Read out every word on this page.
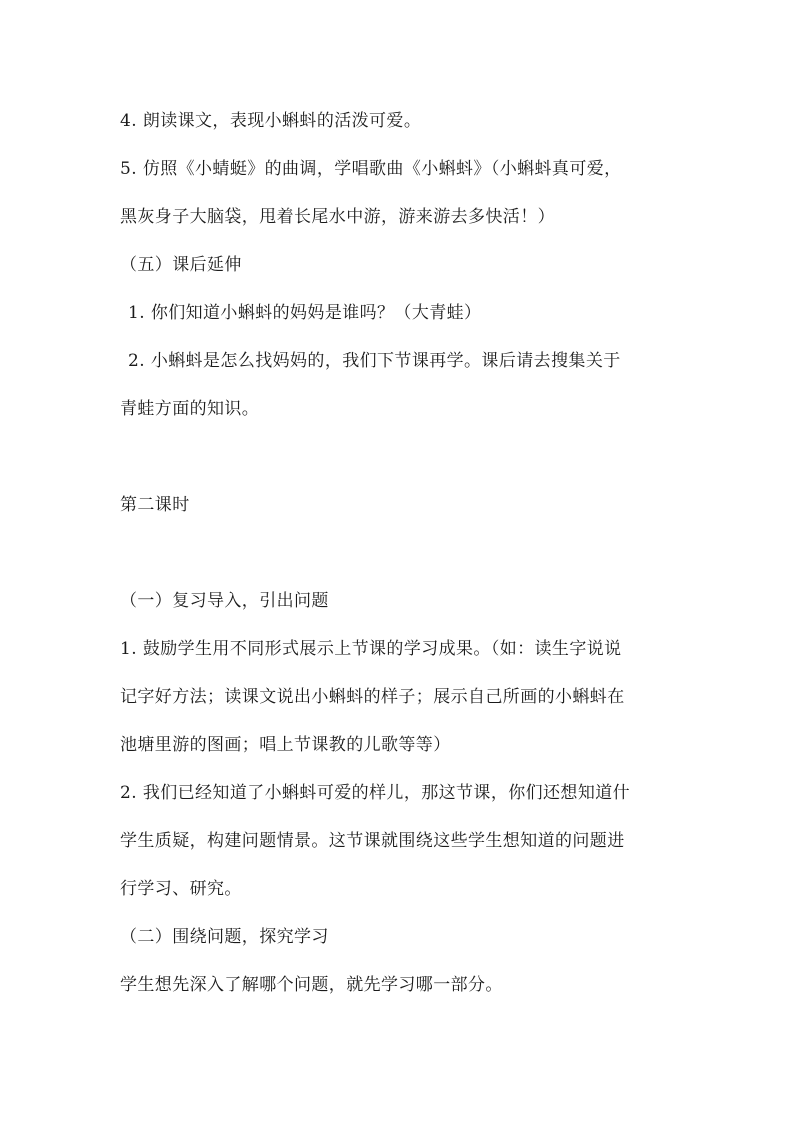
4. 朗读课文，表现小蝌蚪的活泼可爱。
5. 仿照《小蜻蜓》的曲调，学唱歌曲《小蝌蚪》（小蝌蚪真可爱，
黑灰身子大脑袋，甩着长尾水中游，游来游去多快活！）
（五）课后延伸
1. 你们知道小蝌蚪的妈妈是谁吗？（大青蛙）
2. 小蝌蚪是怎么找妈妈的，我们下节课再学。课后请去搜集关于
青蛙方面的知识。
第二课时
（一）复习导入，引出问题
1. 鼓励学生用不同形式展示上节课的学习成果。（如：读生字说说
记字好方法；读课文说出小蝌蚪的样子；展示自己所画的小蝌蚪在
池塘里游的图画；唱上节课教的儿歌等等）
2. 我们已经知道了小蝌蚪可爱的样儿，那这节课，你们还想知道什
学生质疑，构建问题情景。这节课就围绕这些学生想知道的问题进
行学习、研究。
（二）围绕问题，探究学习
学生想先深入了解哪个问题，就先学习哪一部分。
